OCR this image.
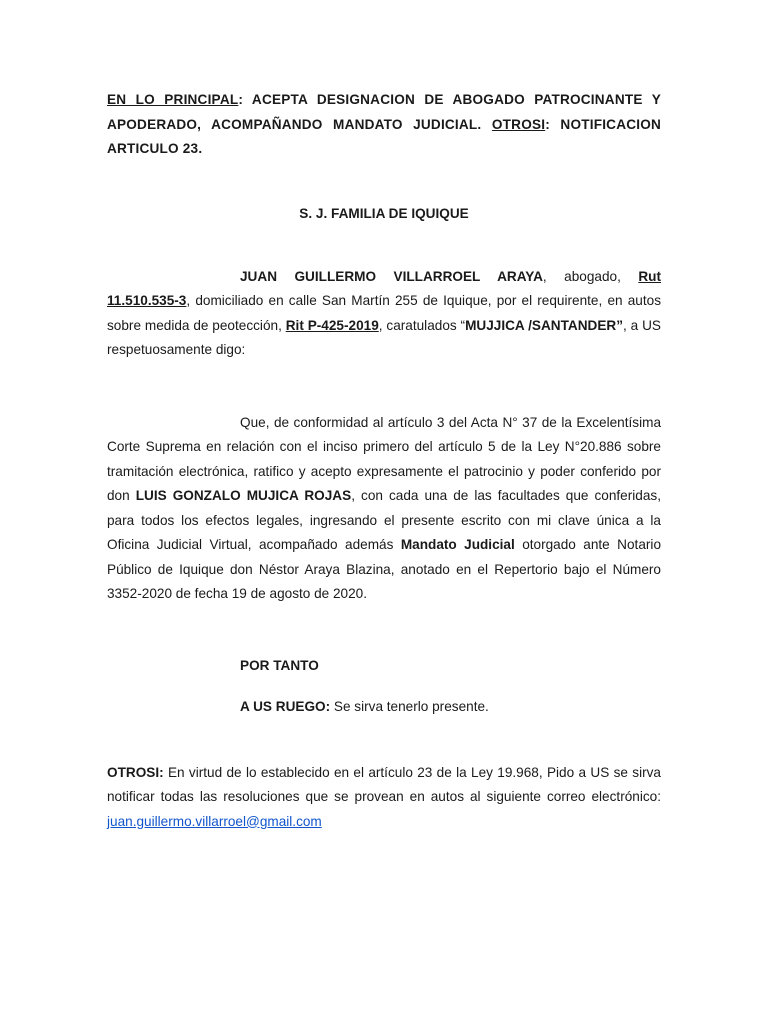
EN LO PRINCIPAL: ACEPTA DESIGNACION DE ABOGADO PATROCINANTE Y APODERADO, ACOMPAÑANDO MANDATO JUDICIAL. OTROSI: NOTIFICACION ARTICULO 23.
S. J. FAMILIA DE IQUIQUE
JUAN GUILLERMO VILLARROEL ARAYA, abogado, Rut 11.510.535-3, domiciliado en calle San Martín 255 de Iquique, por el requirente, en autos sobre medida de peotección, Rit P-425-2019, caratulados “MUJJICA /SANTANDER”, a US respetuosamente digo:
Que, de conformidad al artículo 3 del Acta N° 37 de la Excelentísima Corte Suprema en relación con el inciso primero del artículo 5 de la Ley N°20.886 sobre tramitación electrónica, ratifico y acepto expresamente el patrocinio y poder conferido por don LUIS GONZALO MUJICA ROJAS, con cada una de las facultades que conferidas, para todos los efectos legales, ingresando el presente escrito con mi clave única a la Oficina Judicial Virtual, acompañado además Mandato Judicial otorgado ante Notario Público de Iquique don Néstor Araya Blazina, anotado en el Repertorio bajo el Número 3352-2020 de fecha 19 de agosto de 2020.
POR TANTO
A US RUEGO: Se sirva tenerlo presente.
OTROSI: En virtud de lo establecido en el artículo 23 de la Ley 19.968, Pido a US se sirva notificar todas las resoluciones que se provean en autos al siguiente correo electrónico: juan.guillermo.villarroel@gmail.com
